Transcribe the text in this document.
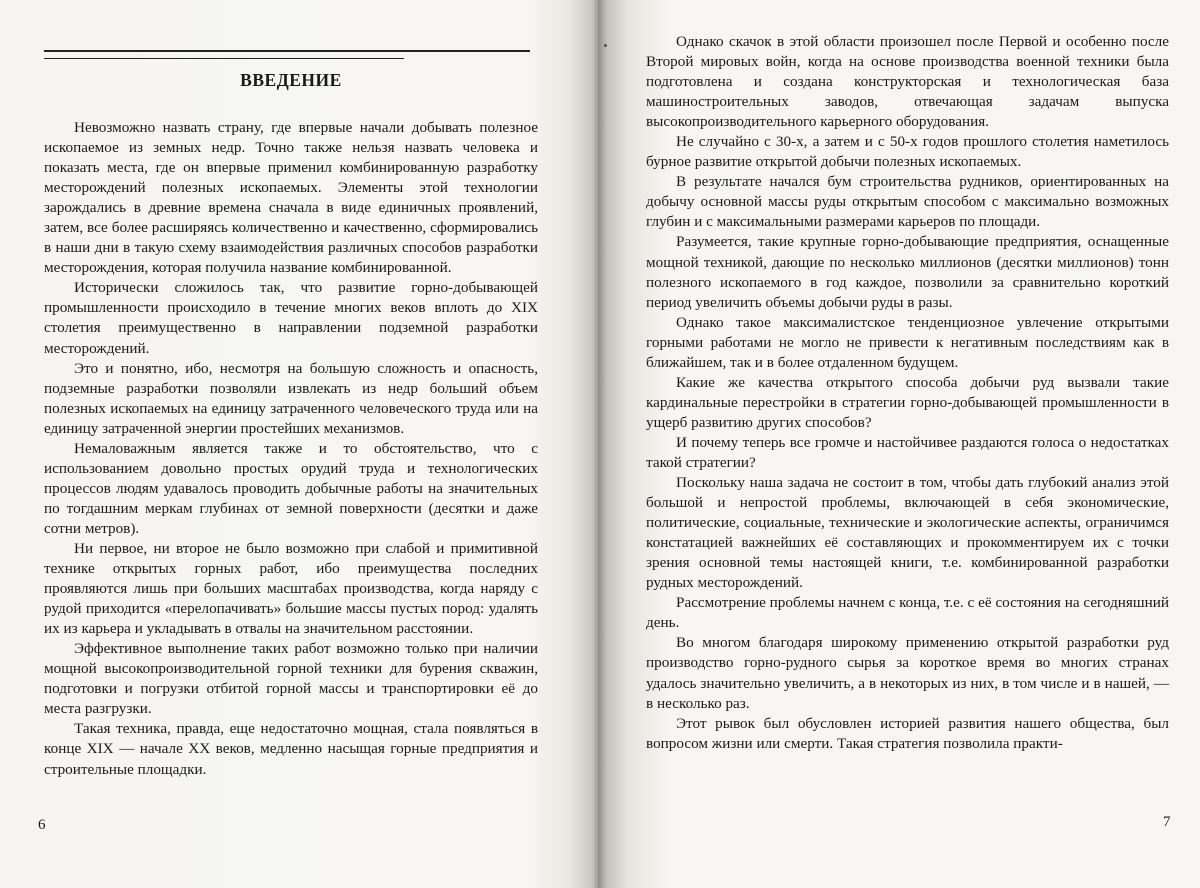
ВВЕДЕНИЕ

Невозможно назвать страну, где впервые начали добывать полезное ископаемое из земных недр. Точно также нельзя назвать человека и показать места, где он впервые применил комбинированную разработку месторождений полезных ископаемых. Элементы этой технологии зарождались в древние времена сначала в виде единичных проявлений, затем, все более расширяясь количественно и качественно, сформировались в наши дни в такую схему взаимодействия различных способов разработки месторождения, которая получила название комбинированной.

Исторически сложилось так, что развитие горно-добывающей промышленности происходило в течение многих веков вплоть до XIX столетия преимущественно в направлении подземной разработки месторождений.

Это и понятно, ибо, несмотря на большую сложность и опасность, подземные разработки позволяли извлекать из недр больший объем полезных ископаемых на единицу затраченного человеческого труда или на единицу затраченной энергии простейших механизмов.

Немаловажным является также и то обстоятельство, что с использованием довольно простых орудий труда и технологических процессов людям удавалось проводить добычные работы на значительных по тогдашним меркам глубинах от земной поверхности (десятки и даже сотни метров).

Ни первое, ни второе не было возможно при слабой и примитивной технике открытых горных работ, ибо преимущества последних проявляются лишь при больших масштабах производства, когда наряду с рудой приходится «перелопачивать» большие массы пустых пород: удалять их из карьера и укладывать в отвалы на значительном расстоянии.

Эффективное выполнение таких работ возможно только при наличии мощной высокопроизводительной горной техники для бурения скважин, подготовки и погрузки отбитой горной массы и транспортировки её до места разгрузки.

Такая техника, правда, еще недостаточно мощная, стала появляться в конце XIX — начале XX веков, медленно насыщая горные предприятия и строительные площадки.

6

Однако скачок в этой области произошел после Первой и особенно после Второй мировых войн, когда на основе производства военной техники была подготовлена и создана конструкторская и технологическая база машиностроительных заводов, отвечающая задачам выпуска высокопроизводительного карьерного оборудования.

Не случайно с 30-х, а затем и с 50-х годов прошлого столетия наметилось бурное развитие открытой добычи полезных ископаемых.

В результате начался бум строительства рудников, ориентированных на добычу основной массы руды открытым способом с максимально возможных глубин и с максимальными размерами карьеров по площади.

Разумеется, такие крупные горно-добывающие предприятия, оснащенные мощной техникой, дающие по несколько миллионов (десятки миллионов) тонн полезного ископаемого в год каждое, позволили за сравнительно короткий период увеличить объемы добычи руды в разы.

Однако такое максималистское тенденциозное увлечение открытыми горными работами не могло не привести к негативным последствиям как в ближайшем, так и в более отдаленном будущем.

Какие же качества открытого способа добычи руд вызвали такие кардинальные перестройки в стратегии горно-добывающей промышленности в ущерб развитию других способов?

И почему теперь все громче и настойчивее раздаются голоса о недостатках такой стратегии?

Поскольку наша задача не состоит в том, чтобы дать глубокий анализ этой большой и непростой проблемы, включающей в себя экономические, политические, социальные, технические и экологические аспекты, ограничимся констатацией важнейших её составляющих и прокомментируем их с точки зрения основной темы настоящей книги, т.е. комбинированной разработки рудных месторождений.

Рассмотрение проблемы начнем с конца, т.е. с её состояния на сегодняшний день.

Во многом благодаря широкому применению открытой разработки руд производство горно-рудного сырья за короткое время во многих странах удалось значительно увеличить, а в некоторых из них, в том числе и в нашей, — в несколько раз.

Этот рывок был обусловлен историей развития нашего общества, был вопросом жизни или смерти. Такая стратегия позволила практи-

7
